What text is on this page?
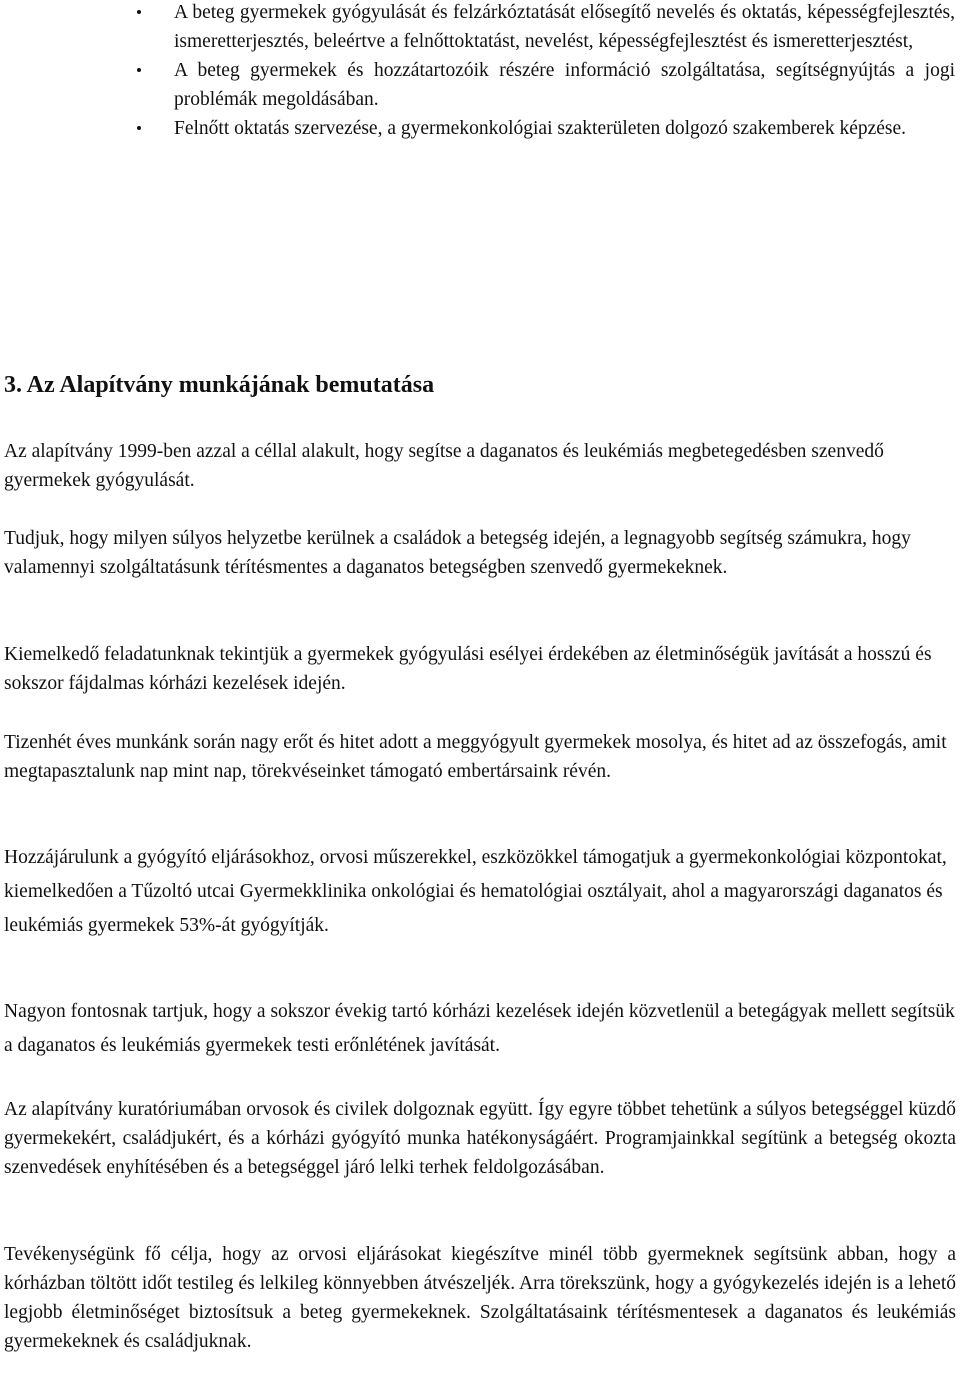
A beteg gyermekek gyógyulását és felzárkóztatását elősegítő nevelés és oktatás, képességfejlesztés, ismeretterjesztés, beleértve a felnőttoktatást, nevelést, képességfejlesztést és ismeretterjesztést,
A beteg gyermekek és hozzátartozóik részére információ szolgáltatása, segítségnyújtás a jogi problémák megoldásában.
Felnőtt oktatás szervezése, a gyermekonkológiai szakterületen dolgozó szakemberek képzése.
3. Az Alapítvány munkájának bemutatása

Az alapítvány 1999-ben azzal a céllal alakult, hogy segítse a daganatos és leukémiás megbetegedésben szenvedő gyermekek gyógyulását.

Tudjuk, hogy milyen súlyos helyzetbe kerülnek a családok a betegség idején, a legnagyobb segítség számukra, hogy valamennyi szolgáltatásunk térítésmentes a daganatos betegségben szenvedő gyermekeknek.

Kiemelkedő feladatunknak tekintjük a gyermekek gyógyulási esélyei érdekében az életminőségük javítását a hosszú és sokszor fájdalmas kórházi kezelések idején.

Tizenhét éves munkánk során nagy erőt és hitet adott a meggyógyult gyermekek mosolya, és hitet ad az összefogás, amit megtapasztalunk nap mint nap, törekvéseinket támogató embertársaink révén.

Hozzájárulunk a gyógyító eljárásokhoz, orvosi műszerekkel, eszközökkel támogatjuk a gyermekonkológiai központokat, kiemelkedően a Tűzoltó utcai Gyermekklinika onkológiai és hematológiai osztályait, ahol a magyarországi daganatos és leukémiás gyermekek 53%-át gyógyítják.

Nagyon fontosnak tartjuk, hogy a sokszor évekig tartó kórházi kezelések idején közvetlenül a betegágyak mellett segítsük a daganatos és leukémiás gyermekek testi erőnlétének javítását.

Az alapítvány kuratóriumában orvosok és civilek dolgoznak együtt. Így egyre többet tehetünk a súlyos betegséggel küzdő gyermekekért, családjukért, és a kórházi gyógyító munka hatékonyságáért. Programjainkkal segítünk a betegség okozta szenvedések enyhítésében és a betegséggel járó lelki terhek feldolgozásában.

Tevékenységünk fő célja, hogy az orvosi eljárásokat kiegészítve minél több gyermeknek segítsünk abban, hogy a kórházban töltött időt testileg és lelkileg könnyebben átvészeljék. Arra törekszünk, hogy a gyógykezelés idején is a lehető legjobb életminőséget biztosítsuk a beteg gyermekeknek. Szolgáltatásaink térítésmentesek a daganatos és leukémiás gyermekeknek és családjuknak.
